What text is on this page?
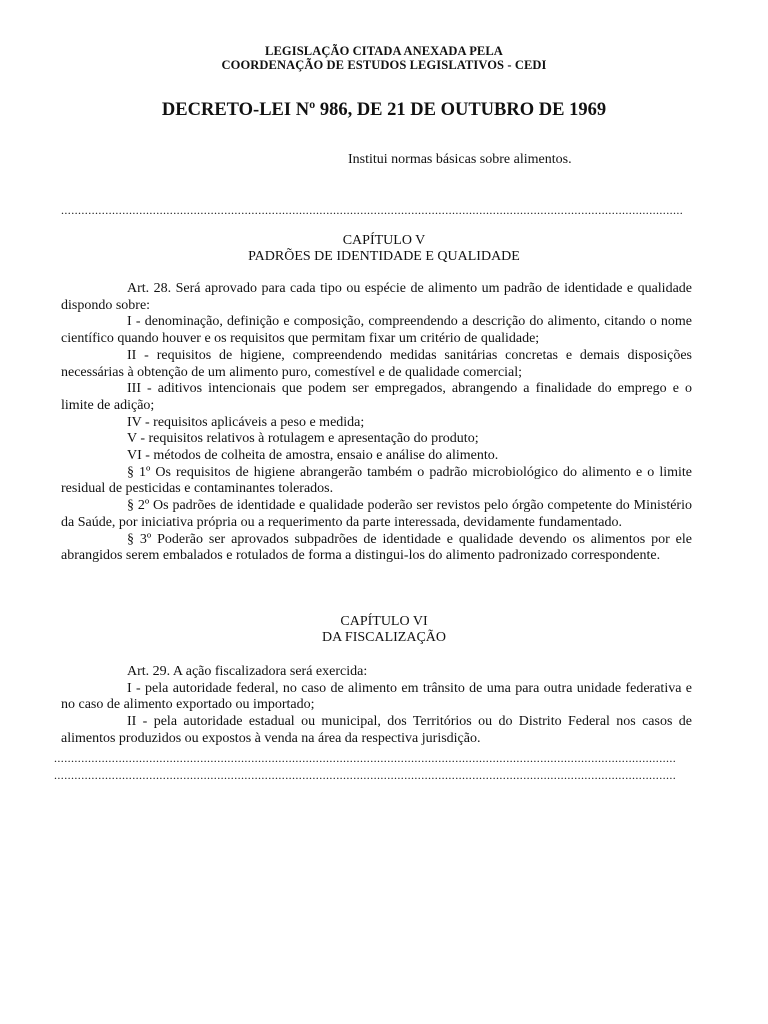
LEGISLAÇÃO CITADA ANEXADA PELA
COORDENAÇÃO DE ESTUDOS LEGISLATIVOS - CEDI
DECRETO-LEI Nº 986, DE 21 DE OUTUBRO DE 1969
Institui normas básicas sobre alimentos.
.......................................................................................................................................................................................
CAPÍTULO V
PADRÕES DE IDENTIDADE E QUALIDADE

Art. 28. Será aprovado para cada tipo ou espécie de alimento um padrão de identidade e qualidade dispondo sobre:

I - denominação, definição e composição, compreendendo a descrição do alimento, citando o nome científico quando houver e os requisitos que permitam fixar um critério de qualidade;

II - requisitos de higiene, compreendendo medidas sanitárias concretas e demais disposições necessárias à obtenção de um alimento puro, comestível e de qualidade comercial;

III - aditivos intencionais que podem ser empregados, abrangendo a finalidade do emprego e o limite de adição;

IV - requisitos aplicáveis a peso e medida;

V - requisitos relativos à rotulagem e apresentação do produto;

VI - métodos de colheita de amostra, ensaio e análise do alimento.

§ 1º Os requisitos de higiene abrangerão também o padrão microbiológico do alimento e o limite residual de pesticidas e contaminantes tolerados.

§ 2º Os padrões de identidade e qualidade poderão ser revistos pelo órgão competente do Ministério da Saúde, por iniciativa própria ou a requerimento da parte interessada, devidamente fundamentado.

§ 3º Poderão ser aprovados subpadrões de identidade e qualidade devendo os alimentos por ele abrangidos serem embalados e rotulados de forma a distingui-los do alimento padronizado correspondente.

CAPÍTULO VI
DA FISCALIZAÇÃO

Art. 29. A ação fiscalizadora será exercida:

I - pela autoridade federal, no caso de alimento em trânsito de uma para outra unidade federativa e no caso de alimento exportado ou importado;

II - pela autoridade estadual ou municipal, dos Territórios ou do Distrito Federal nos casos de alimentos produzidos ou expostos à venda na área da respectiva jurisdição.

.......................................................................................................................................................................................
.......................................................................................................................................................................................
